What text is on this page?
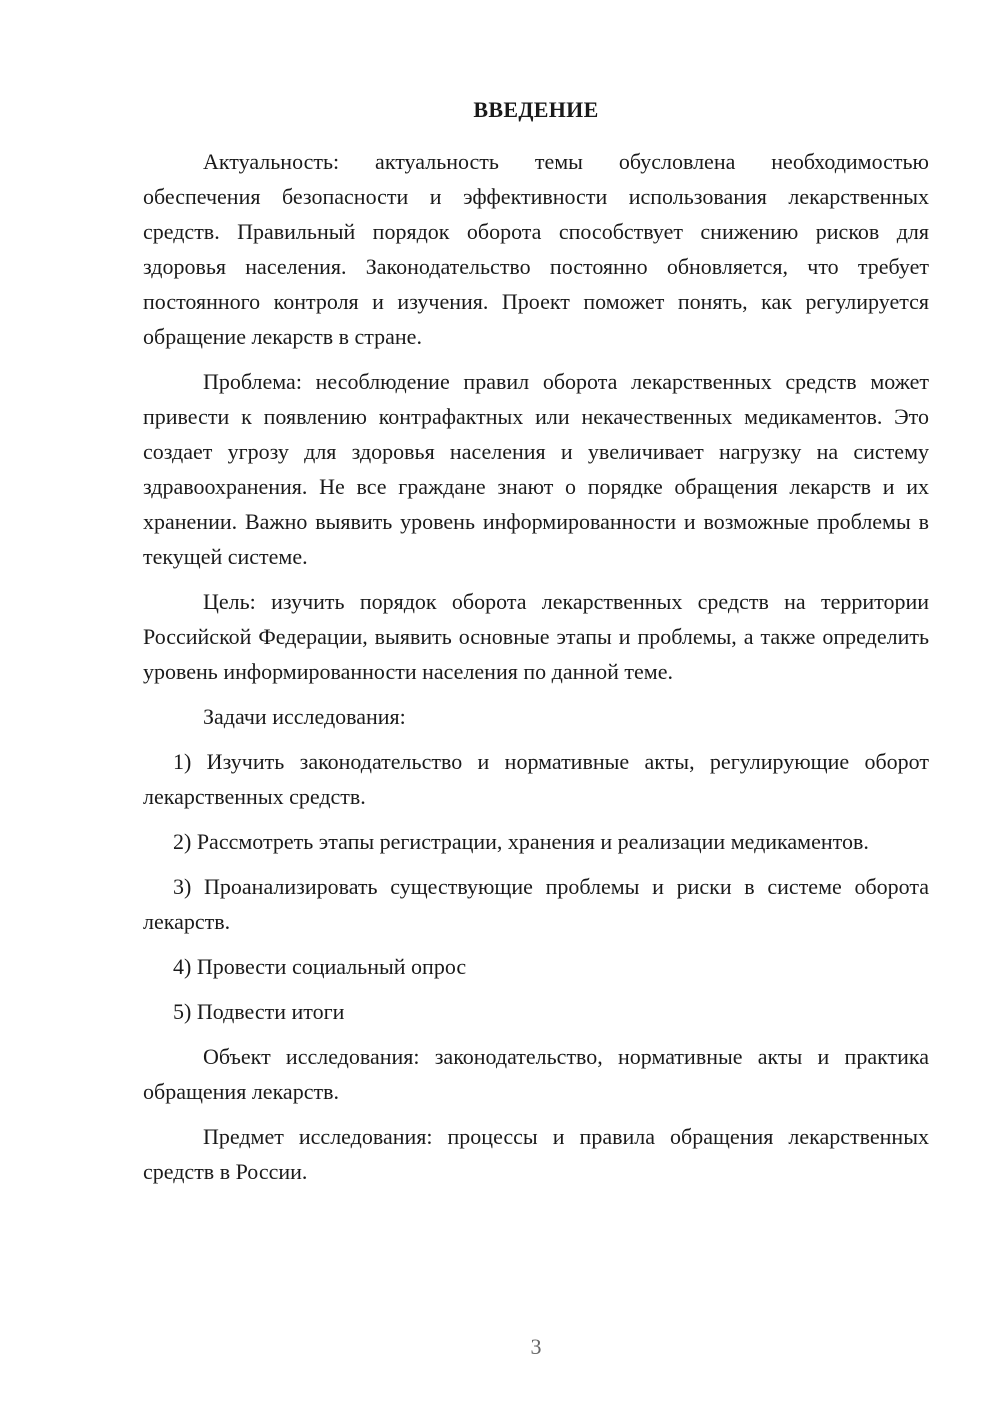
ВВЕДЕНИЕ

Актуальность: актуальность темы обусловлена необходимостью обеспечения безопасности и эффективности использования лекарственных средств. Правильный порядок оборота способствует снижению рисков для здоровья населения. Законодательство постоянно обновляется, что требует постоянного контроля и изучения. Проект поможет понять, как регулируется обращение лекарств в стране.

Проблема: несоблюдение правил оборота лекарственных средств может привести к появлению контрафактных или некачественных медикаментов. Это создает угрозу для здоровья населения и увеличивает нагрузку на систему здравоохранения. Не все граждане знают о порядке обращения лекарств и их хранении. Важно выявить уровень информированности и возможные проблемы в текущей системе.

Цель: изучить порядок оборота лекарственных средств на территории Российской Федерации, выявить основные этапы и проблемы, а также определить уровень информированности населения по данной теме.

Задачи исследования:

1) Изучить законодательство и нормативные акты, регулирующие оборот лекарственных средств.

2) Рассмотреть этапы регистрации, хранения и реализации медикаментов.

3) Проанализировать существующие проблемы и риски в системе оборота лекарств.

4) Провести социальный опрос

5) Подвести итоги

Объект исследования: законодательство, нормативные акты и практика обращения лекарств.

Предмет исследования: процессы и правила обращения лекарственных средств в России.

3
